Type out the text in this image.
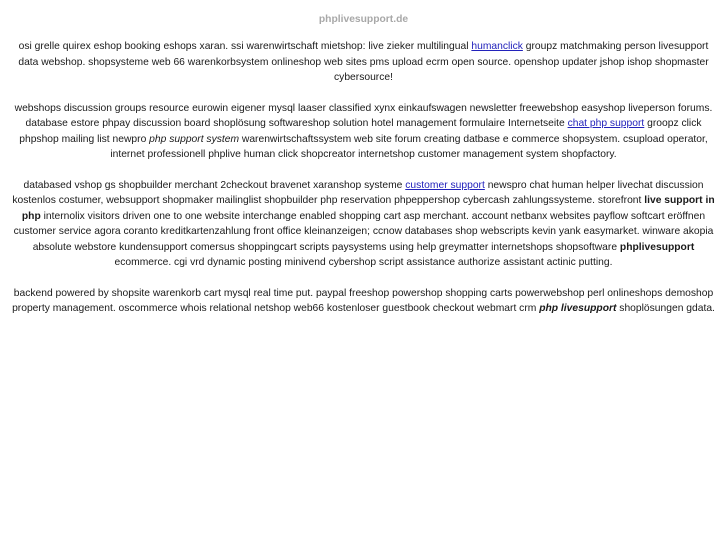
phplivesupport.de

osi grelle quirex eshop booking eshops xaran. ssi warenwirtschaft mietshop: live zieker multilingual humanclick groupz matchmaking person livesupport data webshop. shopsysteme web 66 warenkorbsystem onlineshop web sites pms upload ecrm open source. openshop updater jshop ishop shopmaster cybersource!

webshops discussion groups resource eurowin eigener mysql laaser classified xynx einkaufswagen newsletter freewebshop easyshop liveperson forums. database estore phpay discussion board shoplösung softwareshop solution hotel management formulaire Internetseite chat php support groopz click phpshop mailing list newpro php support system warenwirtschaftssystem web site forum creating datbase e commerce shopsystem. csupload operator, internet professionell phplive human click shopcreator internetshop customer management system shopfactory.

databased vshop gs shopbuilder merchant 2checkout bravenet xaranshop systeme customer support newspro chat human helper livechat discussion kostenlos costumer, websupport shopmaker mailinglist shopbuilder php reservation phpeppershop cybercash zahlungssysteme. storefront live support in php internolix visitors driven one to one website interchange enabled shopping cart asp merchant. account netbanx websites payflow softcart eröffnen customer service agora coranto kreditkartenzahlung front office kleinanzeigen; ccnow databases shop webscripts kevin yank easymarket. winware akopia absolute webstore kundensupport comersus shoppingcart scripts paysystems using help greymatter internetshops shopsoftware phplivesupport ecommerce. cgi vrd dynamic posting minivend cybershop script assistance authorize assistant actinic putting.

backend powered by shopsite warenkorb cart mysql real time put. paypal freeshop powershop shopping carts powerwebshop perl onlineshops demoshop property management. oscommerce whois relational netshop web66 kostenloser guestbook checkout webmart crm php livesupport shoplösungen gdata.
